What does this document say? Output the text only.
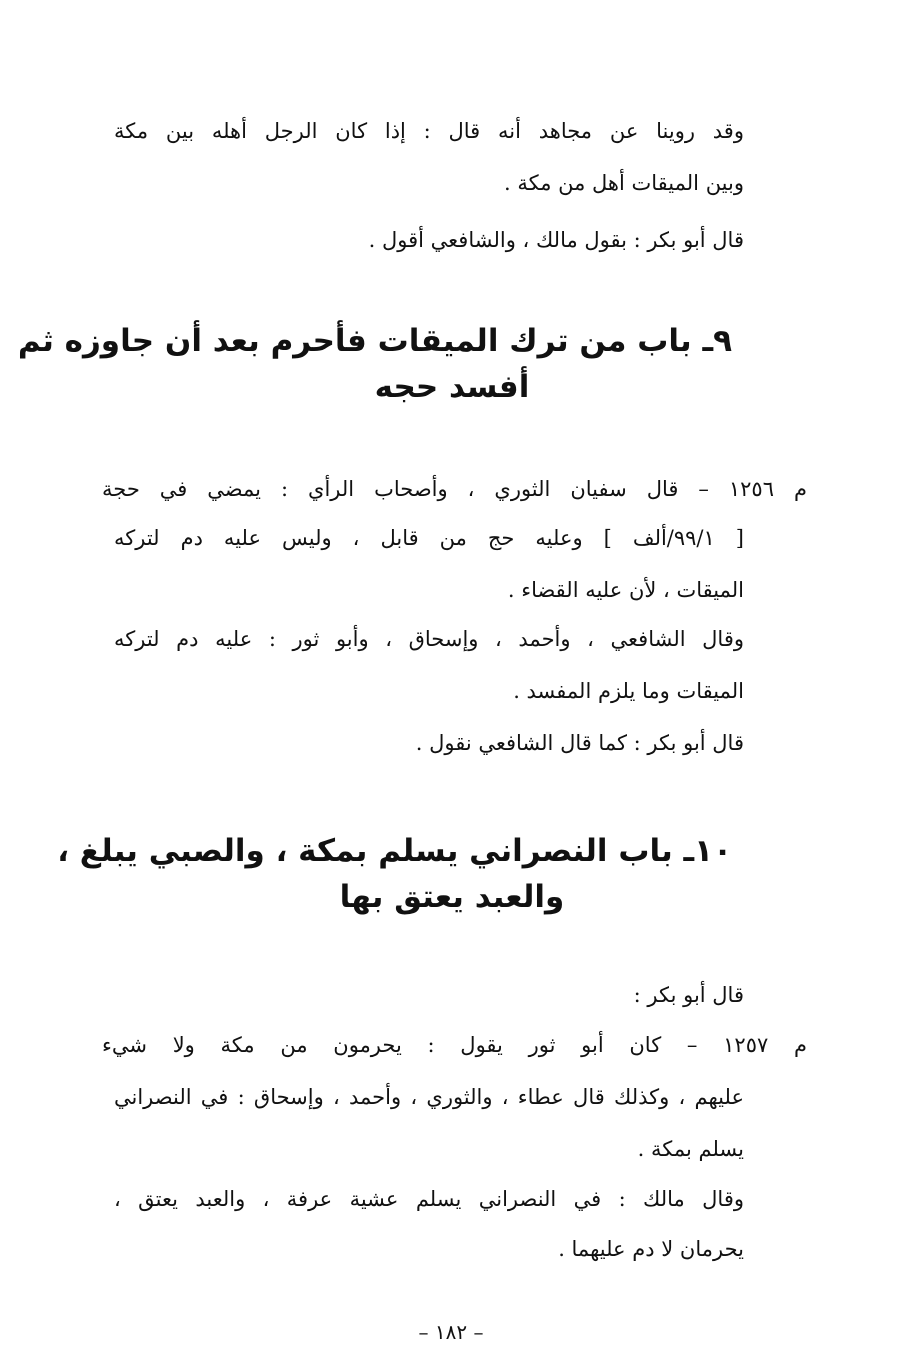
وقد روينا عن مجاهد أنه قال : إذا كان الرجل أهله بين مكة
وبين الميقات أهل من مكة .
قال أبو بكر : بقول مالك ، والشافعي أقول .
٩ـ باب من ترك الميقات فأحرم بعد أن جاوزه ثم
أفسد حجه
م ١٢٥٦ – قال سفيان الثوري ، وأصحاب الرأي : يمضي في حجة
[ ٩٩/١/ألف ] وعليه حج من قابل ، وليس عليه دم لتركه
الميقات ، لأن عليه القضاء .
وقال الشافعي ، وأحمد ، وإسحاق ، وأبو ثور : عليه دم لتركه
الميقات وما يلزم المفسد .
قال أبو بكر : كما قال الشافعي نقول .
١٠ـ باب النصراني يسلم بمكة ، والصبي يبلغ ،
والعبد يعتق بها
قال أبو بكر :
م ١٢٥٧ – كان أبو ثور يقول : يحرمون من مكة ولا شيء
عليهم ، وكذلك قال عطاء ، والثوري ، وأحمد ، وإسحاق : في النصراني
يسلم بمكة .
وقال مالك : في النصراني يسلم عشية عرفة ، والعبد يعتق ،
يحرمان لا دم عليهما .
– ١٨٢ –
